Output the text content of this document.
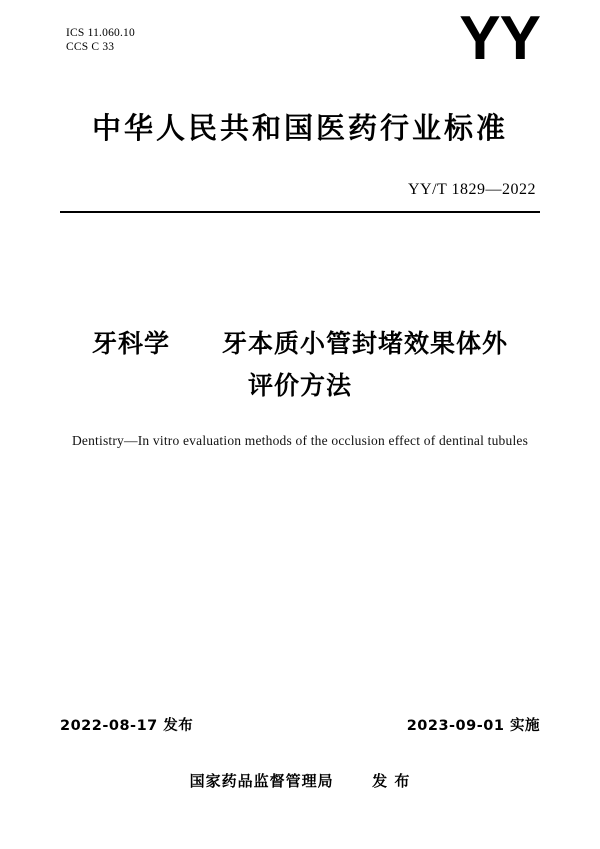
ICS 11.060.10
CCS C 33	YY
中华人民共和国医药行业标准
YY/T 1829—2022
牙科学　　牙本质小管封堵效果体外
评价方法
Dentistry—In vitro evaluation methods of the occlusion effect of dentinal tubules
2022-08-17 发布	2023-09-01 实施
国家药品监督管理局	发 布
